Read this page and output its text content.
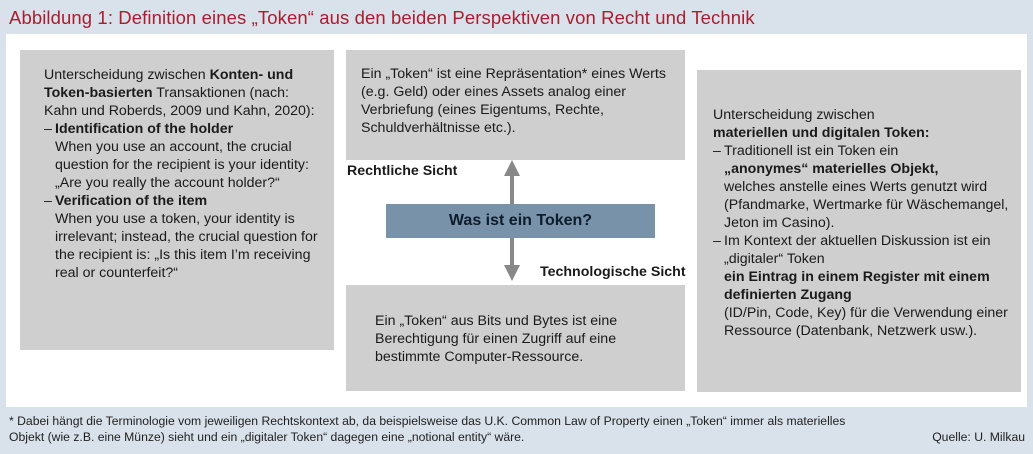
Abbildung 1: Definition eines „Token“ aus den beiden Perspektiven von Recht und Technik
Unterscheidung zwischen Konten- und Token-basierten Transaktionen (nach: Kahn und Roberds, 2009 und Kahn, 2020):
– Identification of the holder
When you use an account, the crucial question for the recipient is your identity: „Are you really the account holder?“
– Verification of the item
When you use a token, your identity is irrelevant; instead, the crucial question for the recipient is: „Is this item I’m receiving real or counterfeit?“
Ein „Token“ ist eine Repräsentation* eines Werts (e.g. Geld) oder eines Assets analog einer Verbriefung (eines Eigentums, Rechte, Schuldverhältnisse etc.).
Rechtliche Sicht
Was ist ein Token?
Technologische Sicht
Ein „Token“ aus Bits und Bytes ist eine Berechtigung für einen Zugriff auf eine bestimmte Computer-Ressource.
Unterscheidung zwischen
materiellen und digitalen Token:
– Traditionell ist ein Token ein
„anonymes“ materielles Objekt,
welches anstelle eines Werts genutzt wird (Pfandmarke, Wertmarke für Wäschemangel, Jeton im Casino).
– Im Kontext der aktuellen Diskussion ist ein „digitaler“ Token
ein Eintrag in einem Register mit einem definierten Zugang
(ID/Pin, Code, Key) für die Verwendung einer Ressource (Datenbank, Netzwerk usw.).
* Dabei hängt die Terminologie vom jeweiligen Rechtskontext ab, da beispielsweise das U.K. Common Law of Property einen „Token“ immer als materielles
Objekt (wie z.B. eine Münze) sieht und ein „digitaler Token“ dagegen eine „notional entity“ wäre.	Quelle: U. Milkau
